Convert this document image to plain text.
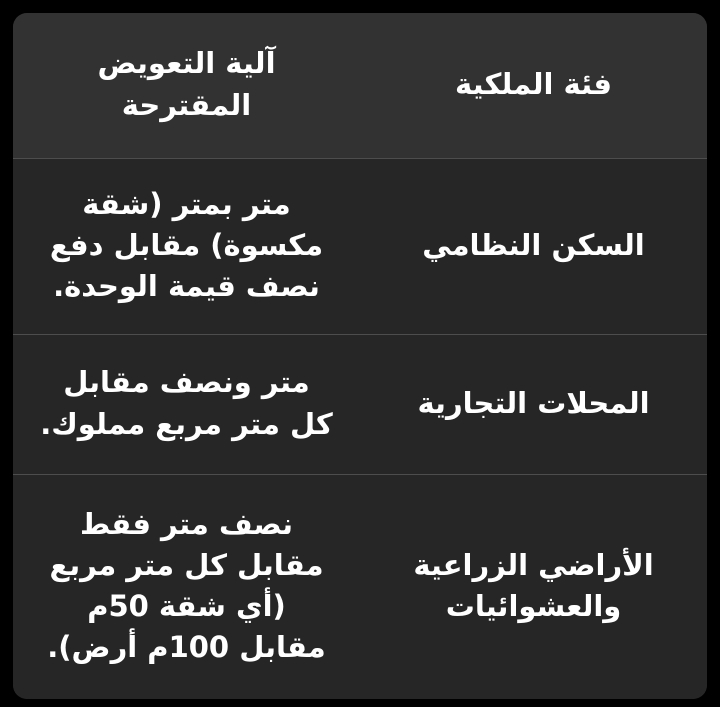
فئة الملكية
آلية التعويض المقترحة
السكن النظامي
متر بمتر (شقة مكسوة) مقابل دفع نصف قيمة الوحدة.
المحلات التجارية
متر ونصف مقابل كل متر مربع مملوك.
الأراضي الزراعية والعشوائيات
نصف متر فقط مقابل كل متر مربع (أي شقة 50م مقابل 100م أرض).
